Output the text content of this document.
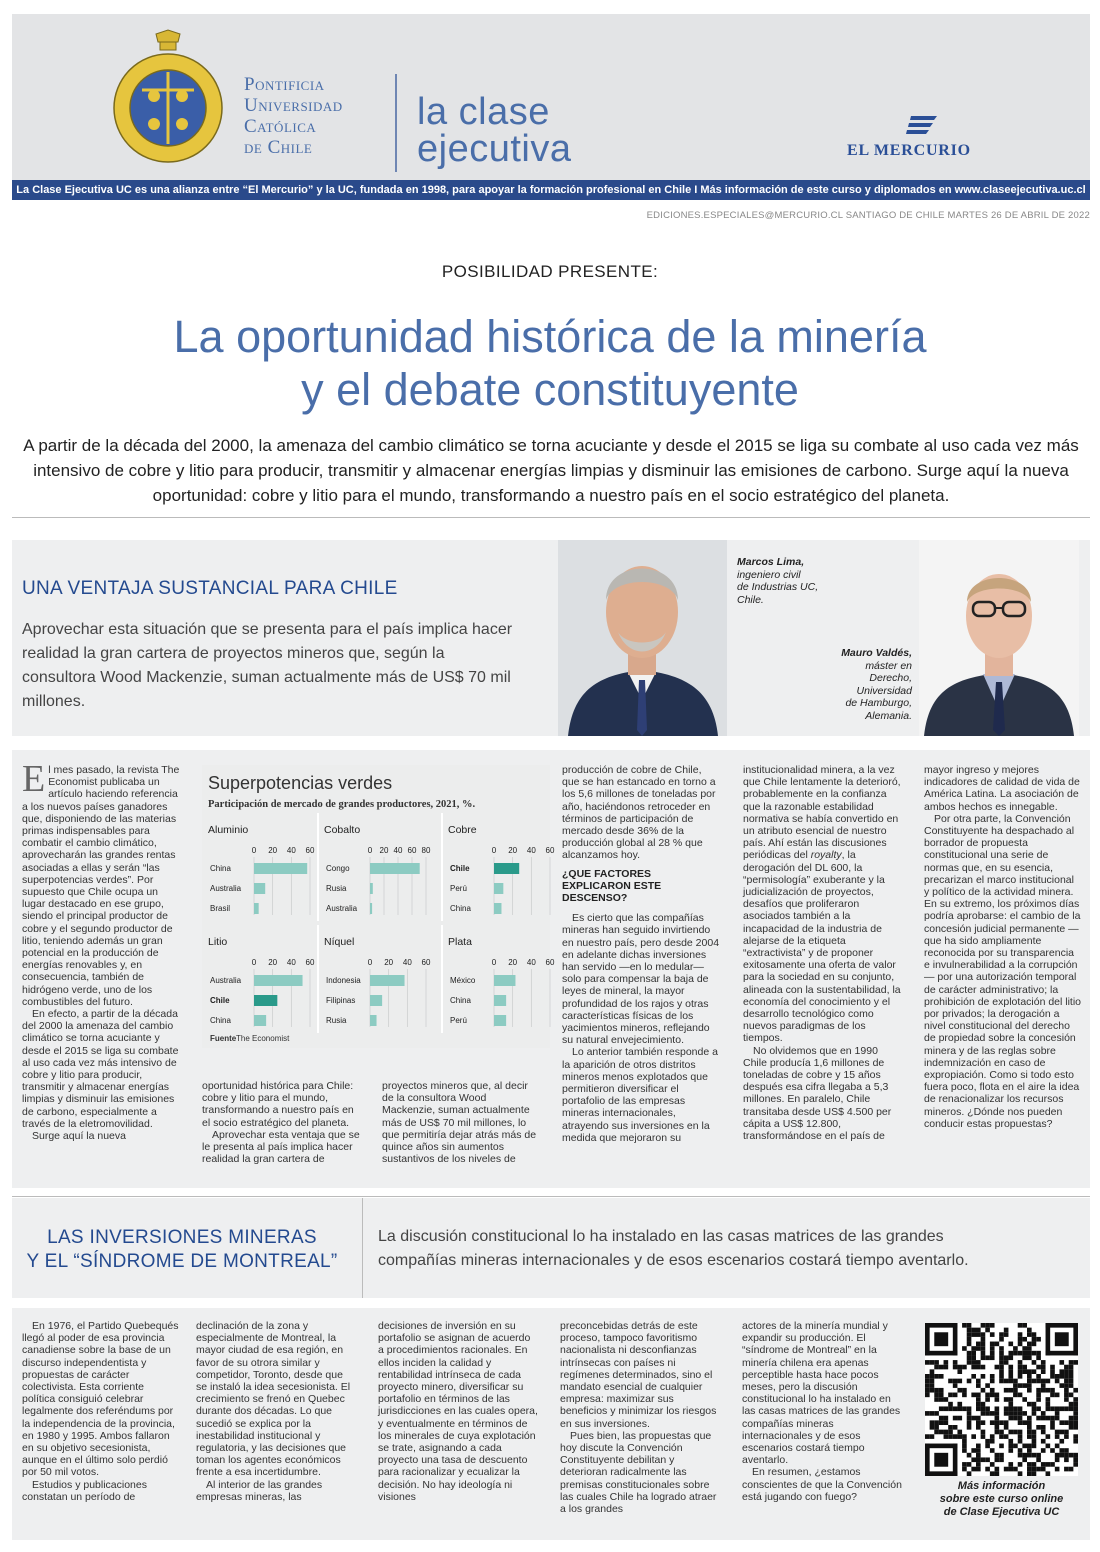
Pontificia
Universidad
Católica
de Chile
la clase
ejecutiva	EL MERCURIO
La Clase Ejecutiva UC es una alianza entre “El Mercurio” y la UC, fundada en 1998, para apoyar la formación profesional en Chile I Más información de este curso y diplomados en www.claseejecutiva.uc.cl
EDICIONES.ESPECIALES@MERCURIO.CL SANTIAGO DE CHILE MARTES 26 DE ABRIL DE 2022
POSIBILIDAD PRESENTE:
La oportunidad histórica de la minería
y el debate constituyente
A partir de la década del 2000, la amenaza del cambio climático se torna acuciante y desde el 2015 se liga su combate al uso cada vez más intensivo de cobre y litio para producir, transmitir y almacenar energías limpias y disminuir las emisiones de carbono. Surge aquí la nueva oportunidad: cobre y litio para el mundo, transformando a nuestro país en el socio estratégico del planeta.
UNA VENTAJA SUSTANCIAL PARA CHILE
Aprovechar esta situación que se presenta para el país implica hacer realidad la gran cartera de proyectos mineros que, según la consultora Wood Mackenzie, suman actualmente más de US$ 70 mil millones.
Marcos Lima,
ingeniero civil
de Industrias UC,
Chile.
Mauro Valdés,
máster en
Derecho,
Universidad
de Hamburgo,
Alemania.

El mes pasado, la revista The Economist publicaba un artículo haciendo referencia a los nuevos países ganadores que, disponiendo de las materias primas indispensables para combatir el cambio climático, aprovecharán las grandes rentas asociadas a ellas y serán “las superpotencias verdes”. Por supuesto que Chile ocupa un lugar destacado en ese grupo, siendo el principal productor de cobre y el segundo productor de litio, teniendo además un gran potencial en la producción de energías renovables y, en consecuencia, también de hidrógeno verde, uno de los combustibles del futuro.

En efecto, a partir de la década del 2000 la amenaza del cambio climático se torna acuciante y desde el 2015 se liga su combate al uso cada vez más intensivo de cobre y litio para producir, transmitir y almacenar energías limpias y disminuir las emisiones de carbono, especialmente a través de la eletromovilidad.

Surge aquí la nueva

Superpotencias verdes
Participación de mercado de grandes productores, 2021, %.
Fuente The Economist
Aluminio
0 20 40 60
China
Australia
Brasil
Cobalto
0 20 40 60 80
Congo
Rusia
Australia
Cobre
0 20 40 60
Chile
Perú
China
Litio
0 20 40 60
Australia
Chile
China
Níquel
0 20 40 60
Indonesia
Filipinas
Rusia
Plata
0 20 40 60
México
China
Perú

oportunidad histórica para Chile: cobre y litio para el mundo, transformando a nuestro país en el socio estratégico del planeta.

Aprovechar esta ventaja que se le presenta al país implica hacer realidad la gran cartera de

proyectos mineros que, al decir de la consultora Wood Mackenzie, suman actualmente más de US$ 70 mil millones, lo que permitiría dejar atrás más de quince años sin aumentos sustantivos de los niveles de

producción de cobre de Chile, que se han estancado en torno a los 5,6 millones de toneladas por año, haciéndonos retroceder en términos de participación de mercado desde 36% de la producción global al 28 % que alcanzamos hoy.

¿QUE FACTORES EXPLICARON ESTE DESCENSO?

Es cierto que las compañías mineras han seguido invirtiendo en nuestro país, pero desde 2004 en adelante dichas inversiones han servido —en lo medular— solo para compensar la baja de leyes de mineral, la mayor profundidad de los rajos y otras características físicas de los yacimientos mineros, reflejando su natural envejecimiento.

Lo anterior también responde a la aparición de otros distritos mineros menos explotados que permitieron diversificar el portafolio de las empresas mineras internacionales, atrayendo sus inversiones en la medida que mejoraron su

institucionalidad minera, a la vez que Chile lentamente la deterioró, probablemente en la confianza que la razonable estabilidad normativa se había convertido en un atributo esencial de nuestro país. Ahí están las discusiones periódicas del royalty, la derogación del DL 600, la “permisología” exuberante y la judicialización de proyectos, desafíos que proliferaron asociados también a la incapacidad de la industria de alejarse de la etiqueta “extractivista” y de proponer exitosamente una oferta de valor para la sociedad en su conjunto, alineada con la sustentabilidad, la economía del conocimiento y el desarrollo tecnológico como nuevos paradigmas de los tiempos.

No olvidemos que en 1990 Chile producía 1,6 millones de toneladas de cobre y 15 años después esa cifra llegaba a 5,3 millones. En paralelo, Chile transitaba desde US$ 4.500 per cápita a US$ 12.800, transformándose en el país de

mayor ingreso y mejores indicadores de calidad de vida de América Latina. La asociación de ambos hechos es innegable.

Por otra parte, la Convención Constituyente ha despachado al borrador de propuesta constitucional una serie de normas que, en su esencia, precarizan el marco institucional y político de la actividad minera. En su extremo, los próximos días podría aprobarse: el cambio de la concesión judicial permanente —que ha sido ampliamente reconocida por su transparencia e invulnerabilidad a la corrupción— por una autorización temporal de carácter administrativo; la prohibición de explotación del litio por privados; la derogación a nivel constitucional del derecho de propiedad sobre la concesión minera y de las reglas sobre indemnización en caso de expropiación. Como si todo esto fuera poco, flota en el aire la idea de renacionalizar los recursos mineros. ¿Dónde nos pueden conducir estas propuestas?

LAS INVERSIONES MINERAS
Y EL “SÍNDROME DE MONTREAL”
La discusión constitucional lo ha instalado en las casas matrices de las grandes compañías mineras internacionales y de esos escenarios costará tiempo aventarlo.

En 1976, el Partido Quebequés llegó al poder de esa provincia canadiense sobre la base de un discurso independentista y propuestas de carácter colectivista. Esta corriente política consiguió celebrar legalmente dos referéndums por la independencia de la provincia, en 1980 y 1995. Ambos fallaron en su objetivo secesionista, aunque en el último solo perdió por 50 mil votos.

Estudios y publicaciones constatan un período de

declinación de la zona y especialmente de Montreal, la mayor ciudad de esa región, en favor de su otrora similar y competidor, Toronto, desde que se instaló la idea secesionista. El crecimiento se frenó en Quebec durante dos décadas. Lo que sucedió se explica por la inestabilidad institucional y regulatoria, y las decisiones que toman los agentes económicos frente a esa incertidumbre.

Al interior de las grandes empresas mineras, las

decisiones de inversión en su portafolio se asignan de acuerdo a procedimientos racionales. En ellos inciden la calidad y rentabilidad intrínseca de cada proyecto minero, diversificar su portafolio en términos de las jurisdicciones en las cuales opera, y eventualmente en términos de los minerales de cuya explotación se trate, asignando a cada proyecto una tasa de descuento para racionalizar y ecualizar la decisión. No hay ideología ni visiones

preconcebidas detrás de este proceso, tampoco favoritismo nacionalista ni desconfianzas intrínsecas con países ni regímenes determinados, sino el mandato esencial de cualquier empresa: maximizar sus beneficios y minimizar los riesgos en sus inversiones.

Pues bien, las propuestas que hoy discute la Convención Constituyente debilitan y deterioran radicalmente las premisas constitucionales sobre las cuales Chile ha logrado atraer a los grandes

actores de la minería mundial y expandir su producción. El “síndrome de Montreal” en la minería chilena era apenas perceptible hasta hace pocos meses, pero la discusión constitucional lo ha instalado en las casas matrices de las grandes compañías mineras internacionales y de esos escenarios costará tiempo aventarlo.

En resumen, ¿estamos conscientes de que la Convención está jugando con fuego?

Más información
sobre este curso online
de Clase Ejecutiva UC
